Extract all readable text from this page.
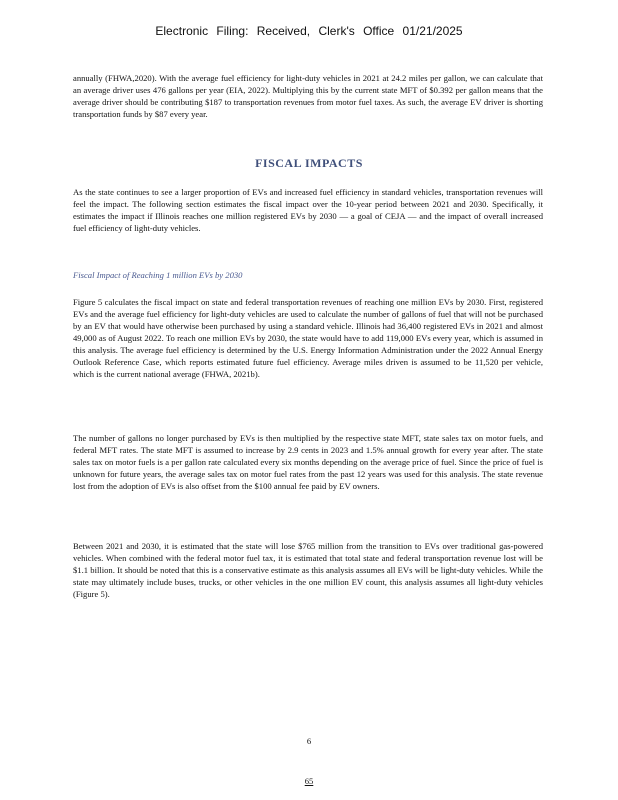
Electronic Filing: Received, Clerk's Office 01/21/2025

annually (FHWA,2020). With the average fuel efficiency for light-duty vehicles in 2021 at 24.2 miles per gallon, we can calculate that an average driver uses 476 gallons per year (EIA, 2022). Multiplying this by the current state MFT of $0.392 per gallon means that the average driver should be contributing $187 to transportation revenues from motor fuel taxes. As such, the average EV driver is shorting transportation funds by $87 every year.

FISCAL IMPACTS

As the state continues to see a larger proportion of EVs and increased fuel efficiency in standard vehicles, transportation revenues will feel the impact. The following section estimates the fiscal impact over the 10-year period between 2021 and 2030. Specifically, it estimates the impact if Illinois reaches one million registered EVs by 2030 — a goal of CEJA — and the impact of overall increased fuel efficiency of light-duty vehicles.

Fiscal Impact of Reaching 1 million EVs by 2030

Figure 5 calculates the fiscal impact on state and federal transportation revenues of reaching one million EVs by 2030. First, registered EVs and the average fuel efficiency for light-duty vehicles are used to calculate the number of gallons of fuel that will not be purchased by an EV that would have otherwise been purchased by using a standard vehicle. Illinois had 36,400 registered EVs in 2021 and almost 49,000 as of August 2022. To reach one million EVs by 2030, the state would have to add 119,000 EVs every year, which is assumed in this analysis. The average fuel efficiency is determined by the U.S. Energy Information Administration under the 2022 Annual Energy Outlook Reference Case, which reports estimated future fuel efficiency. Average miles driven is assumed to be 11,520 per vehicle, which is the current national average (FHWA, 2021b).

The number of gallons no longer purchased by EVs is then multiplied by the respective state MFT, state sales tax on motor fuels, and federal MFT rates. The state MFT is assumed to increase by 2.9 cents in 2023 and 1.5% annual growth for every year after. The state sales tax on motor fuels is a per gallon rate calculated every six months depending on the average price of fuel. Since the price of fuel is unknown for future years, the average sales tax on motor fuel rates from the past 12 years was used for this analysis. The state revenue lost from the adoption of EVs is also offset from the $100 annual fee paid by EV owners.

Between 2021 and 2030, it is estimated that the state will lose $765 million from the transition to EVs over traditional gas-powered vehicles. When combined with the federal motor fuel tax, it is estimated that total state and federal transportation revenue lost will be $1.1 billion. It should be noted that this is a conservative estimate as this analysis assumes all EVs will be light-duty vehicles. While the state may ultimately include buses, trucks, or other vehicles in the one million EV count, this analysis assumes all light-duty vehicles (Figure 5).

6
65
